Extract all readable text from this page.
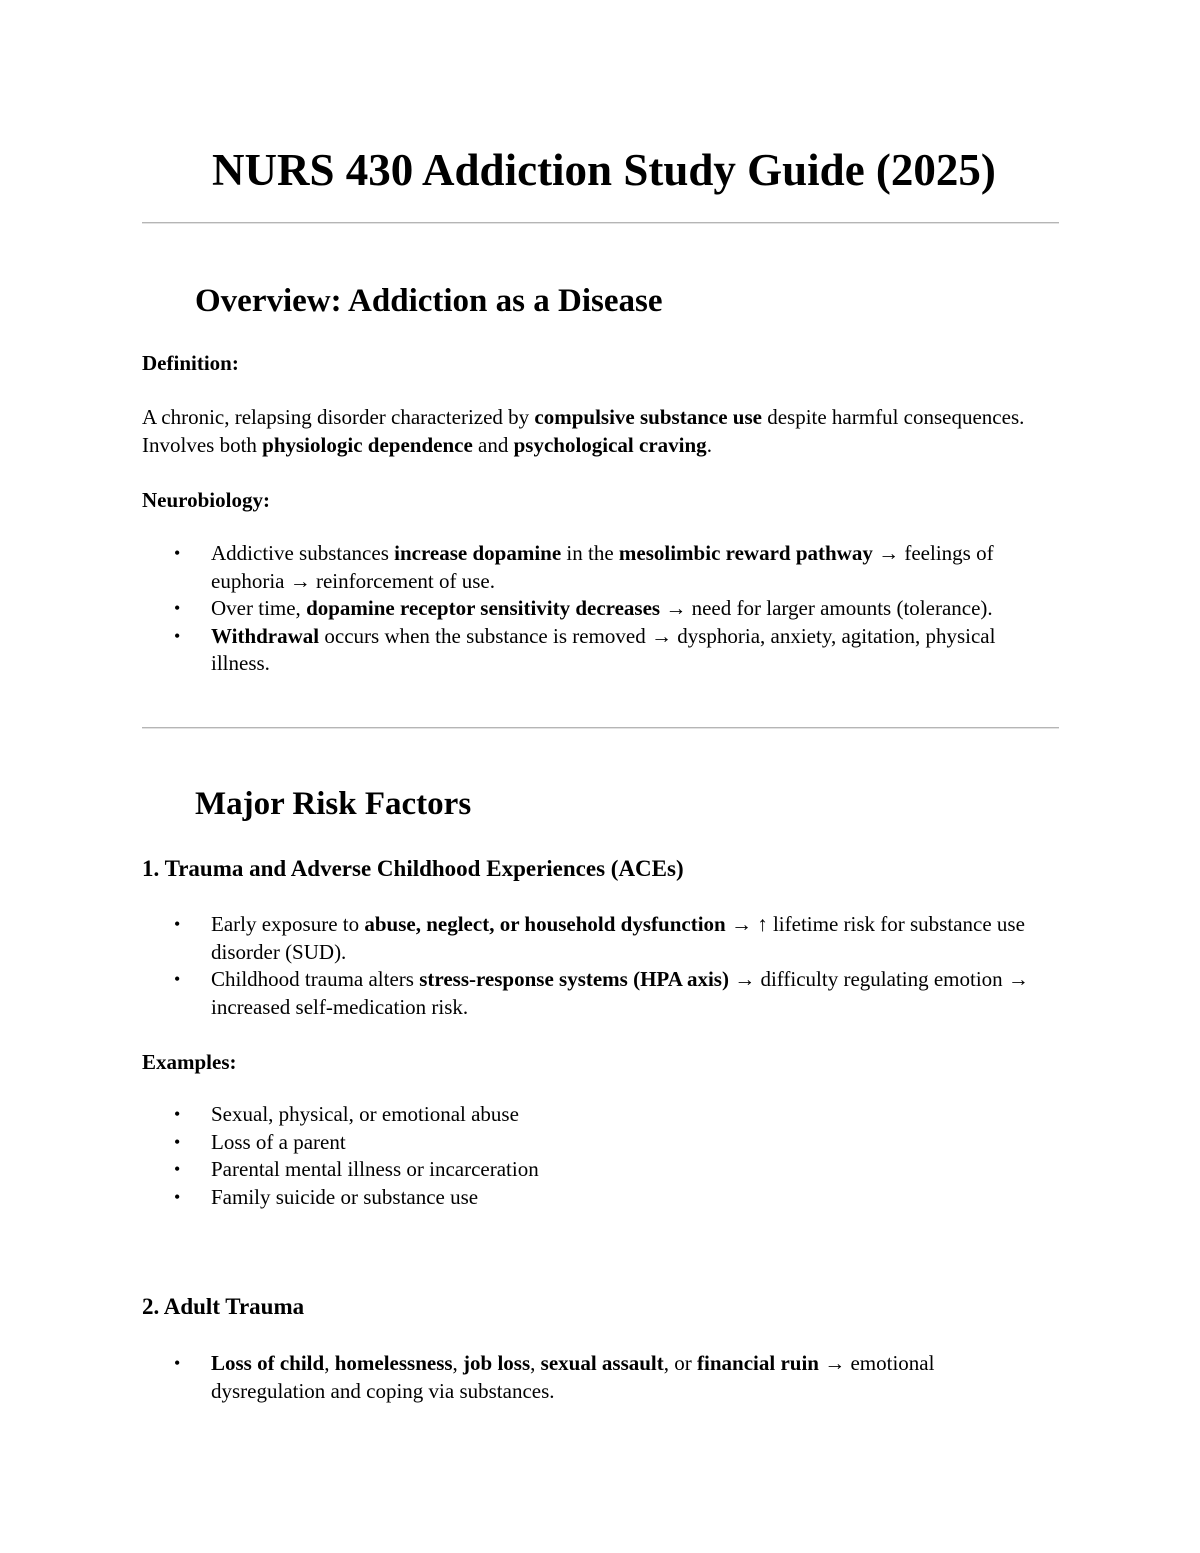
NURS 430 Addiction Study Guide (2025)
Overview: Addiction as a Disease

Definition:

A chronic, relapsing disorder characterized by compulsive substance use despite harmful consequences. Involves both physiologic dependence and psychological craving.

Neurobiology:

• Addictive substances increase dopamine in the mesolimbic reward pathway → feelings of euphoria → reinforcement of use.
• Over time, dopamine receptor sensitivity decreases → need for larger amounts (tolerance).
• Withdrawal occurs when the substance is removed → dysphoria, anxiety, agitation, physical illness.
Major Risk Factors
1. Trauma and Adverse Childhood Experiences (ACEs)
• Early exposure to abuse, neglect, or household dysfunction → ↑ lifetime risk for substance use disorder (SUD).
• Childhood trauma alters stress-response systems (HPA axis) → difficulty regulating emotion → increased self-medication risk.

Examples:

• Sexual, physical, or emotional abuse
• Loss of a parent
• Parental mental illness or incarceration
• Family suicide or substance use
2. Adult Trauma
• Loss of child, homelessness, job loss, sexual assault, or financial ruin → emotional dysregulation and coping via substances.
